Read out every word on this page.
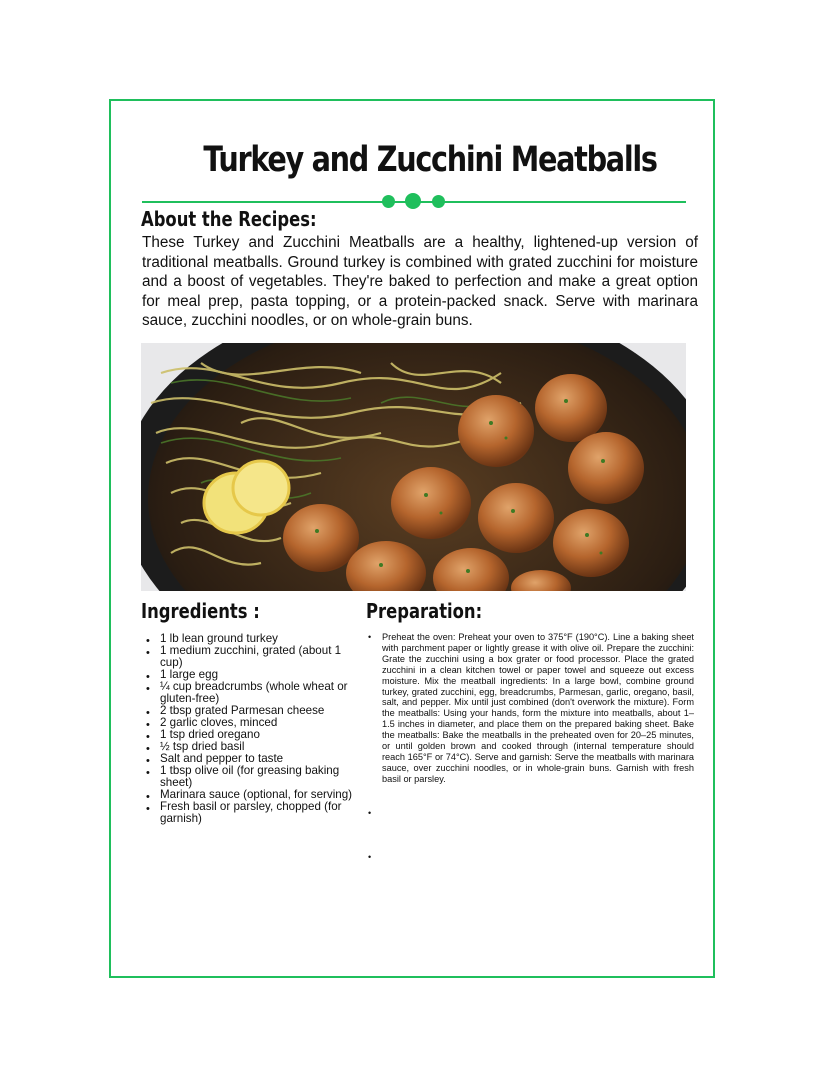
Turkey and Zucchini Meatballs
About the Recipes:

These Turkey and Zucchini Meatballs are a healthy, lightened-up version of traditional meatballs. Ground turkey is combined with grated zucchini for moisture and a boost of vegetables. They're baked to perfection and make a great option for meal prep, pasta topping, or a protein-packed snack. Serve with marinara sauce, zucchini noodles, or on whole-grain buns.

Ingredients :	Preparation:
• 1 lb lean ground turkey
• 1 medium zucchini, grated (about 1 cup)
• 1 large egg
• ¼ cup breadcrumbs (whole wheat or gluten-free)
• 2 tbsp grated Parmesan cheese
• 2 garlic cloves, minced
• 1 tsp dried oregano
• ½ tsp dried basil
• Salt and pepper to taste
• 1 tbsp olive oil (for greasing baking sheet)
• Marinara sauce (optional, for serving)
• Fresh basil or parsley, chopped (for garnish)
• Preheat the oven: Preheat your oven to 375°F (190°C). Line a baking sheet with parchment paper or lightly grease it with olive oil. Prepare the zucchini: Grate the zucchini using a box grater or food processor. Place the grated zucchini in a clean kitchen towel or paper towel and squeeze out excess moisture. Mix the meatball ingredients: In a large bowl, combine ground turkey, grated zucchini, egg, breadcrumbs, Parmesan, garlic, oregano, basil, salt, and pepper. Mix until just combined (don't overwork the mixture). Form the meatballs: Using your hands, form the mixture into meatballs, about 1–1.5 inches in diameter, and place them on the prepared baking sheet. Bake the meatballs: Bake the meatballs in the preheated oven for 20–25 minutes, or until golden brown and cooked through (internal temperature should reach 165°F or 74°C). Serve and garnish: Serve the meatballs with marinara sauce, over zucchini noodles, or in whole-grain buns. Garnish with fresh basil or parsley.
•
•
